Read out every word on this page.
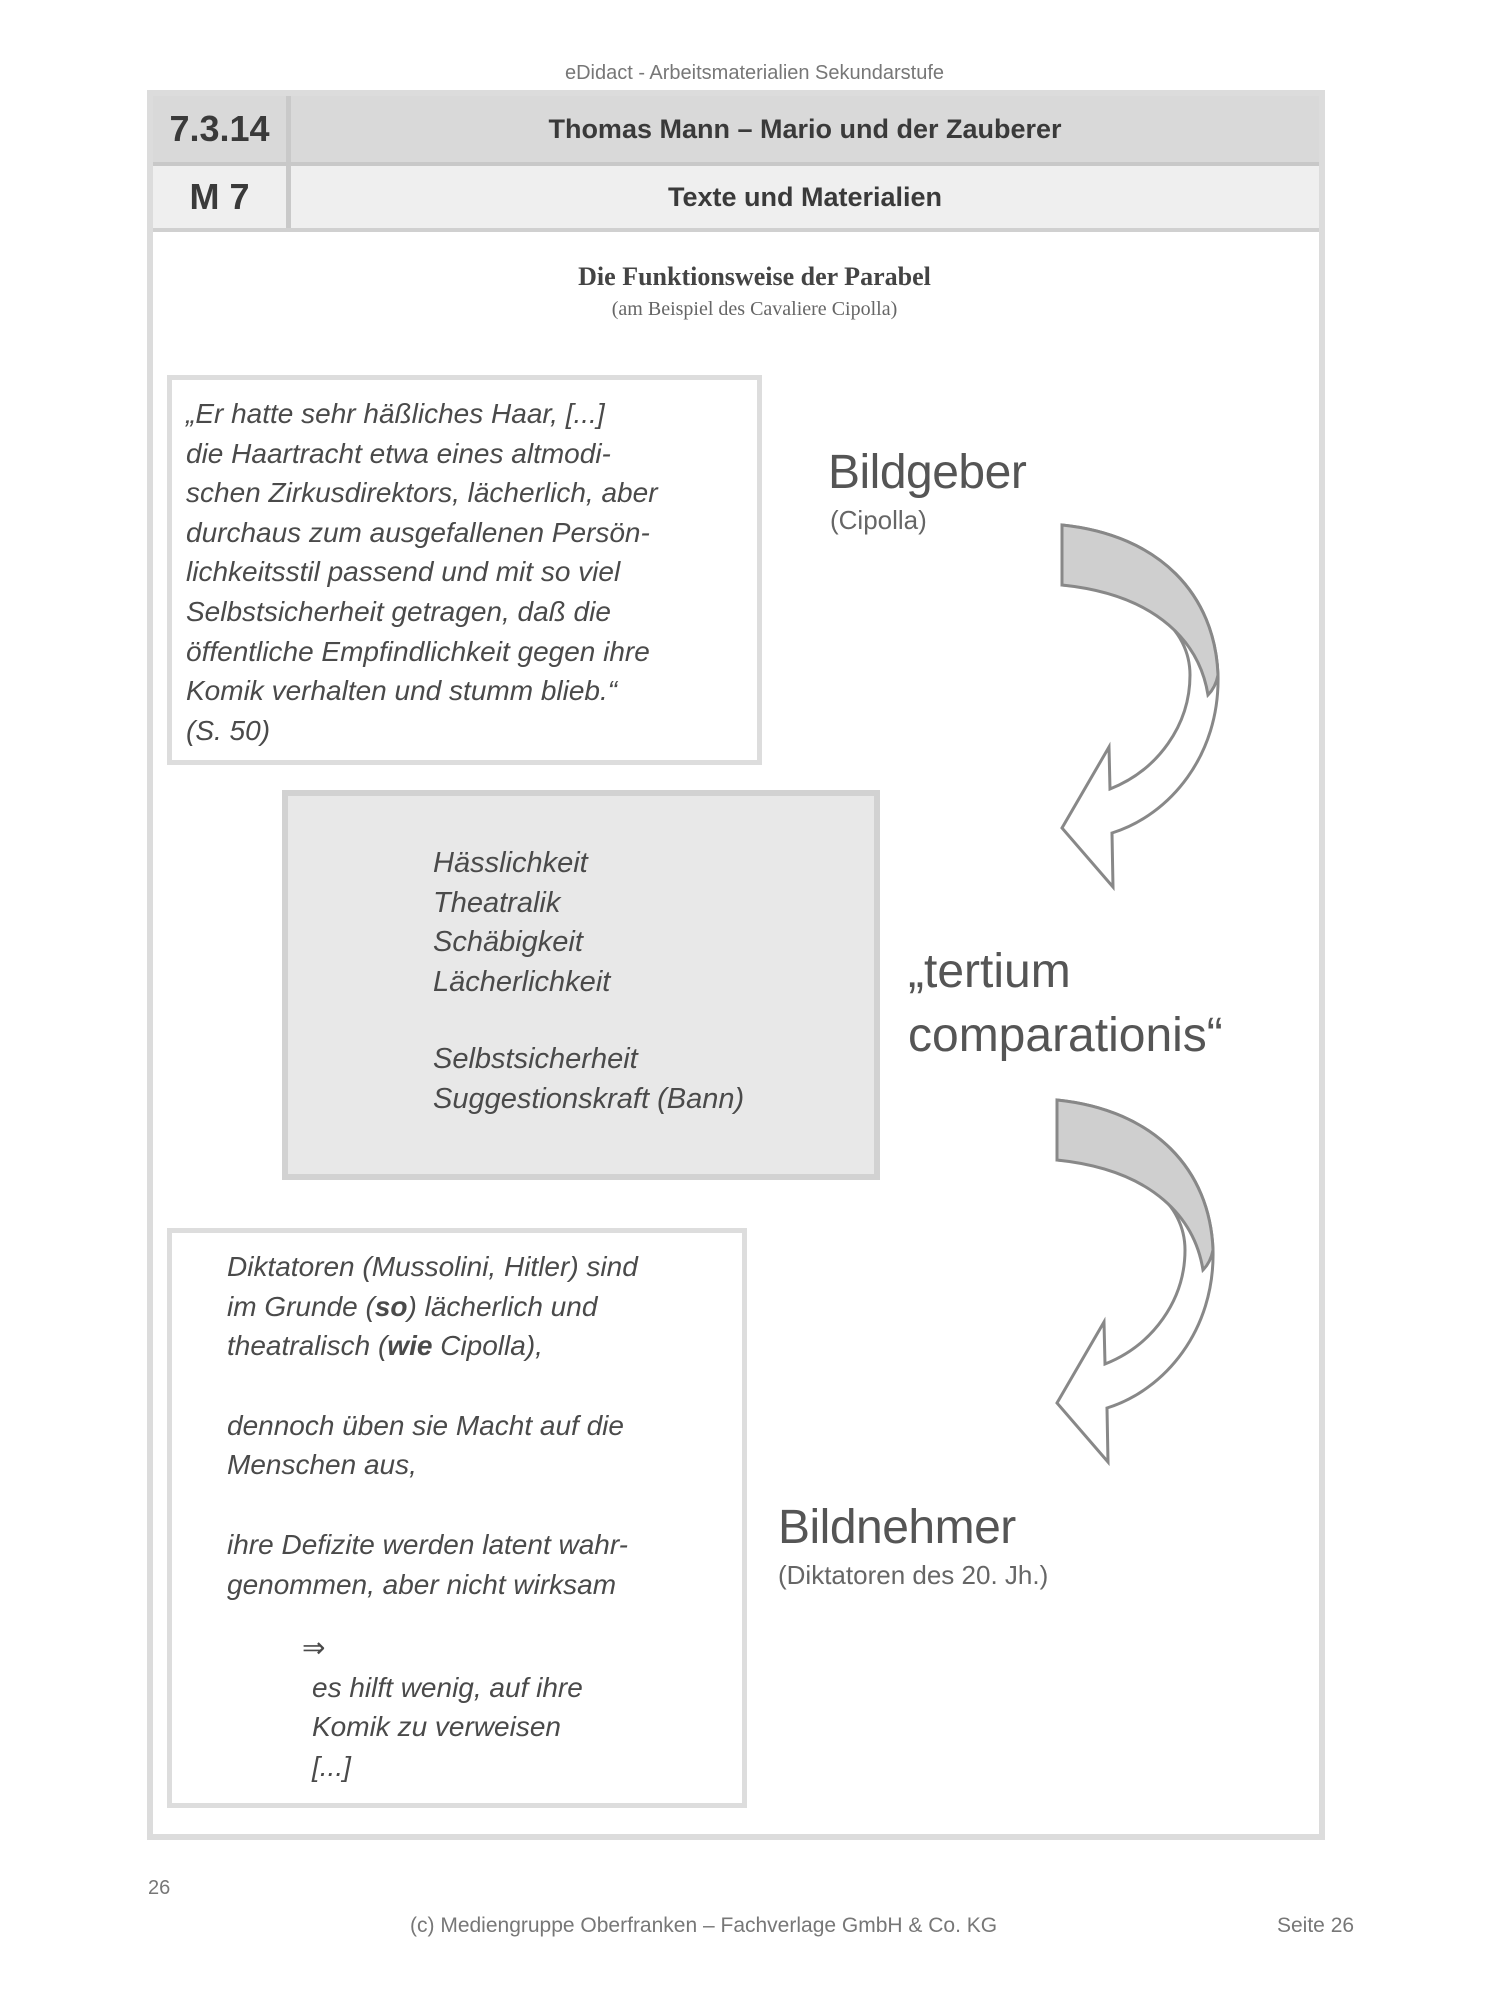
eDidact - Arbeitsmaterialien Sekundarstufe
7.3.14	Thomas Mann – Mario und der Zauberer
M 7	Texte und Materialien
Die Funktionsweise der Parabel
(am Beispiel des Cavaliere Cipolla)
„Er hatte sehr häßliches Haar, [...]
die Haartracht etwa eines altmodi-
schen Zirkusdirektors, lächerlich, aber
durchaus zum ausgefallenen Persön-
lichkeitsstil passend und mit so viel
Selbstsicherheit getragen, daß die
öffentliche Empfindlichkeit gegen ihre
Komik verhalten und stumm blieb.“
(S. 50)
Bildgeber
(Cipolla)
Hässlichkeit
Theatralik
Schäbigkeit
Lächerlichkeit
Selbstsicherheit
Suggestionskraft (Bann)
„tertium
comparationis“
Diktatoren (Mussolini, Hitler) sind
im Grunde (so) lächerlich und
theatralisch (wie Cipolla),
dennoch üben sie Macht auf die
Menschen aus,
ihre Defizite werden latent wahr-
genommen, aber nicht wirksam
⇒
es hilft wenig, auf ihre
Komik zu verweisen
[...]
Bildnehmer
(Diktatoren des 20. Jh.)
26
(c) Mediengruppe Oberfranken – Fachverlage GmbH & Co. KG	Seite 26
